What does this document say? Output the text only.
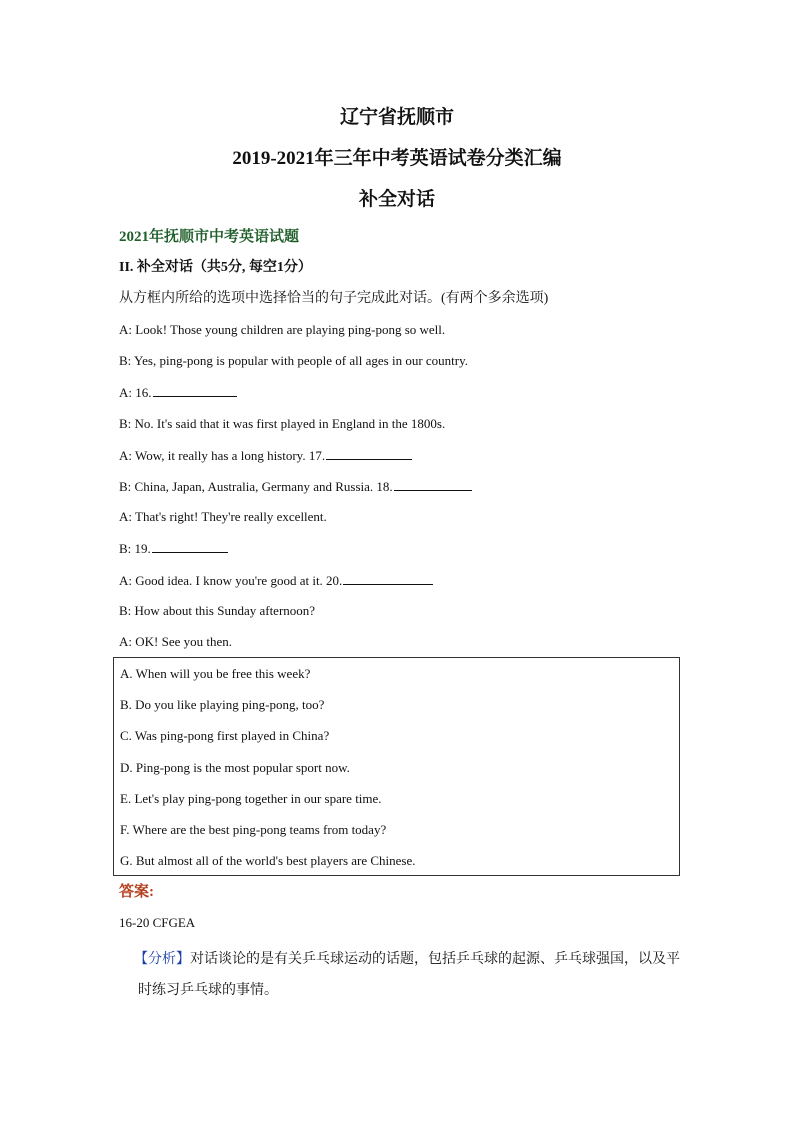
辽宁省抚顺市
2019-2021年三年中考英语试卷分类汇编
补全对话
2021年抚顺市中考英语试题
II. 补全对话（共5分, 每空1分）
从方框内所给的选项中选择恰当的句子完成此对话。(有两个多余选项)
A: Look! Those young children are playing ping-pong so well.
B: Yes, ping-pong is popular with people of all ages in our country.
A: 16.
B: No. It's said that it was first played in England in the 1800s.
A: Wow, it really has a long history. 17.
B: China, Japan, Australia, Germany and Russia. 18.
A: That's right! They're really excellent.
B: 19.
A: Good idea. I know you're good at it. 20.
B: How about this Sunday afternoon?
A: OK! See you then.
A. When will you be free this week?
B. Do you like playing ping-pong, too?
C. Was ping-pong first played in China?
D. Ping-pong is the most popular sport now.
E. Let's play ping-pong together in our spare time.
F. Where are the best ping-pong teams from today?
G. But almost all of the world's best players are Chinese.
答案:
16-20 CFGEA
【分析】对话谈论的是有关乒乓球运动的话题，包括乒乓球的起源、乒乓球强国，以及平时练习乒乓球的事情。
